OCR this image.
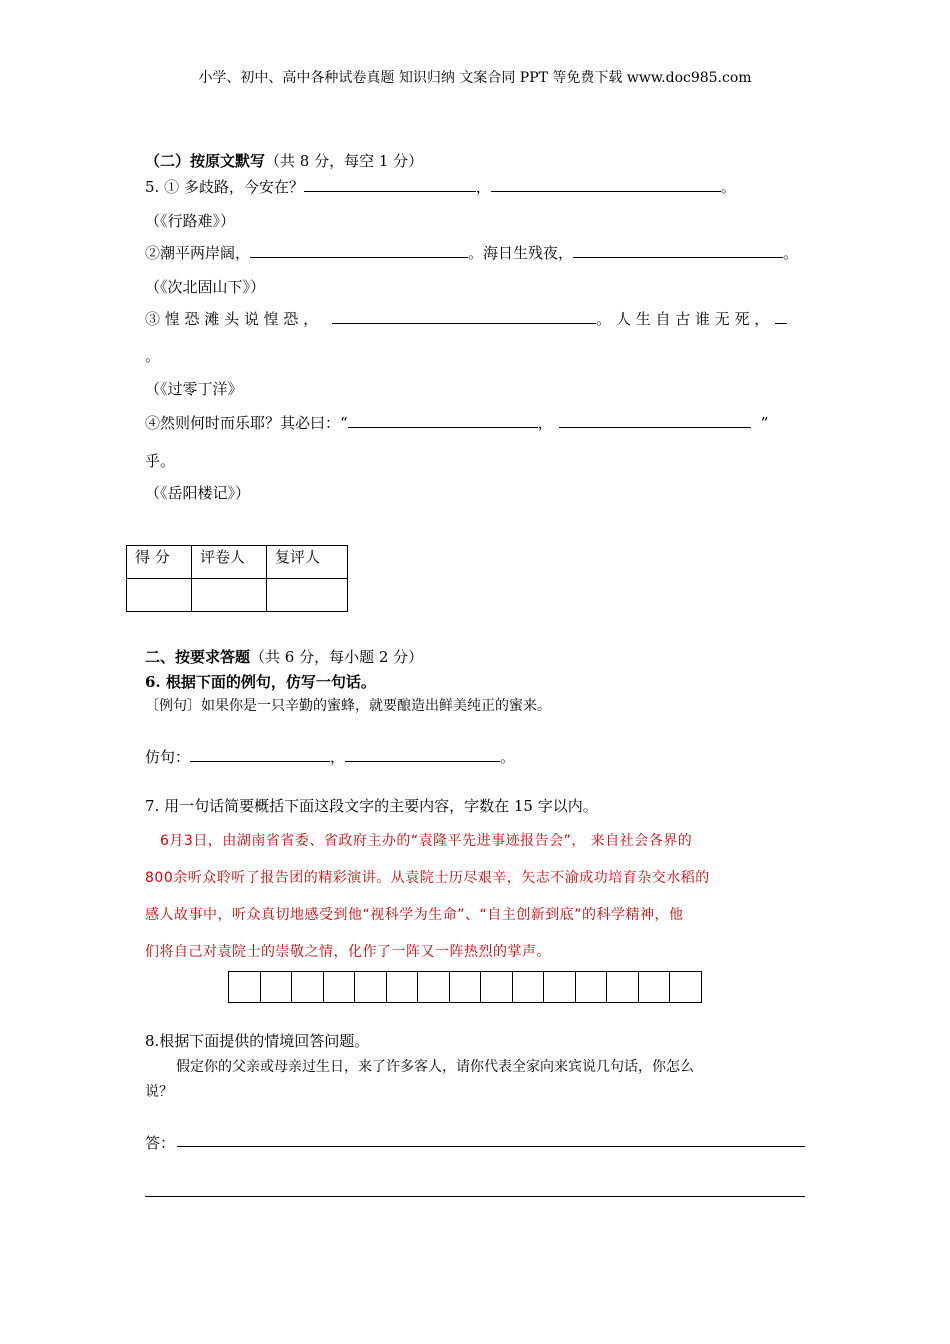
小学、初中、高中各种试卷真题 知识归纳 文案合同 PPT 等免费下载 www.doc985.com
（二）按原文默写（共 8 分，每空 1 分）
5. ① 多歧路，今安在？	，	。
（《行路难》）
②潮平两岸阔，	。海日生残夜，	。
（《次北固山下》）
③ 惶 恐 滩 头 说 惶 恐 ，	。 人 生 自 古 谁 无 死 ，
。
（《过零丁洋》
④然则何时而乐耶？其必曰：“	，	”
乎。
（《岳阳楼记》）
得 分	评卷人	复评人

二、按要求答题（共 6 分，每小题 2 分）
6. 根据下面的例句，仿写一句话。
〔例句〕如果你是一只辛勤的蜜蜂，就要酿造出鲜美纯正的蜜来。
仿句：	，	。
7. 用一句话简要概括下面这段文字的主要内容，字数在 15 字以内。
6月3日，由湖南省省委、省政府主办的“袁隆平先进事迹报告会”， 来自社会各界的
800余听众聆听了报告团的精彩演讲。从袁院士历尽艰辛，矢志不渝成功培育杂交水稻的
感人故事中，听众真切地感受到他“视科学为生命”、“自主创新到底”的科学精神，他
们将自己对袁院士的崇敬之情，化作了一阵又一阵热烈的掌声。
8.根据下面提供的情境回答问题。
假定你的父亲或母亲过生日，来了许多客人，请你代表全家向来宾说几句话，你怎么
说？
答：
